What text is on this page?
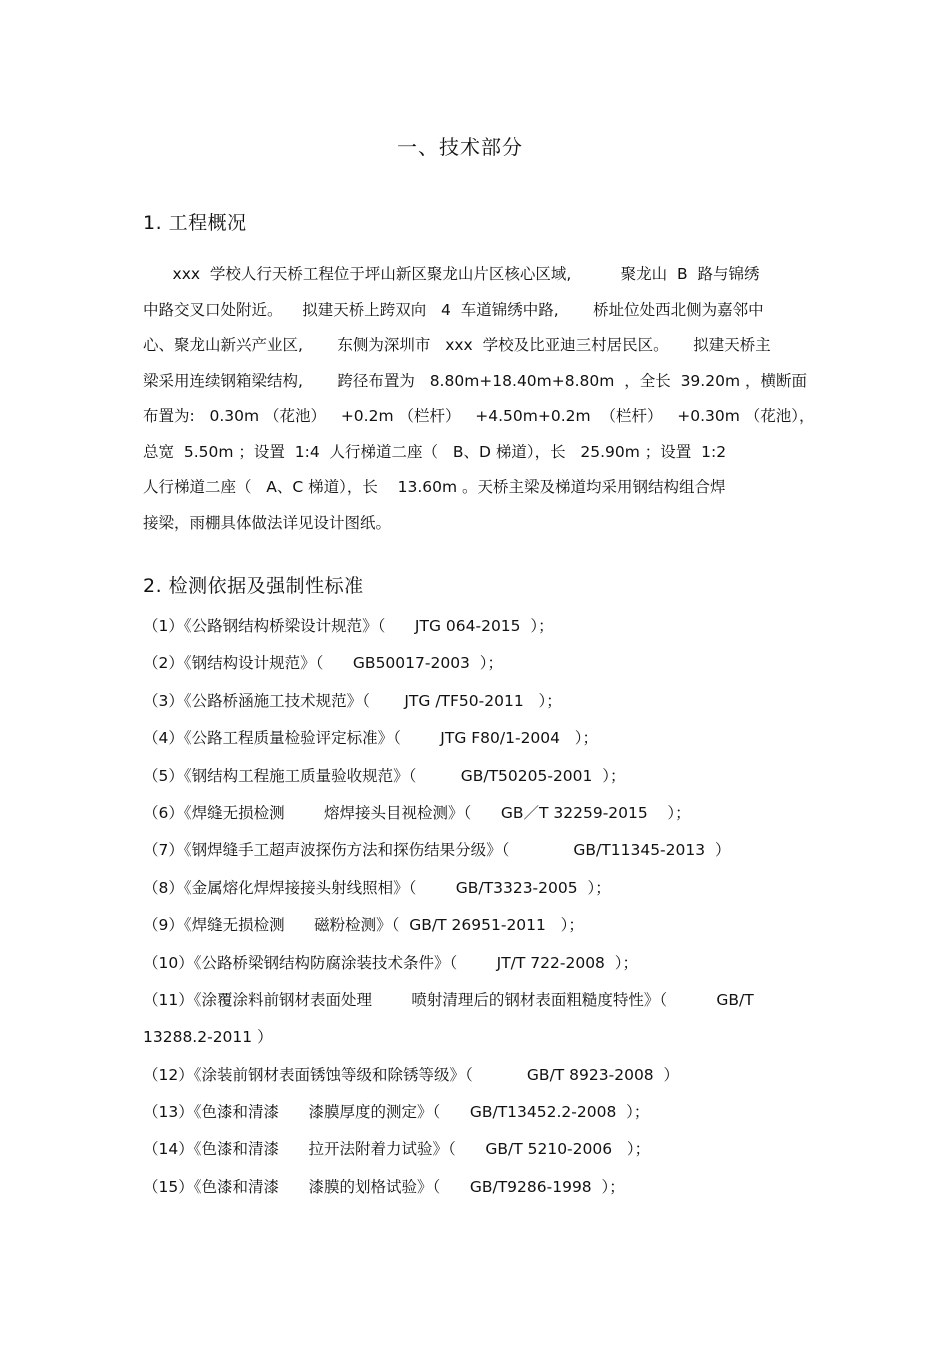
一、技术部分
1. 工程概况
xxx  学校人行天桥工程位于坪山新区聚龙山片区核心区域,          聚龙山  B  路与锦绣
中路交叉口处附近。    拟建天桥上跨双向   4  车道锦绣中路,       桥址位处西北侧为嘉邻中
心、聚龙山新兴产业区,       东侧为深圳市   xxx  学校及比亚迪三村居民区。     拟建天桥主
梁采用连续钢箱梁结构,       跨径布置为   8.80m+18.40m+8.80m  ，全长  39.20m ，横断面
布置为:   0.30m （花池）   +0.2m （栏杆）   +4.50m+0.2m  （栏杆）   +0.30m （花池），
总宽  5.50m ；设置  1:4  人行梯道二座（   B、D 梯道），长   25.90m ；设置  1:2
人行梯道二座（   A、C 梯道），长    13.60m 。天桥主梁及梯道均采用钢结构组合焊
接梁，雨棚具体做法详见设计图纸。
2. 检测依据及强制性标准
（1）《公路钢结构桥梁设计规范》（      JTG 064-2015  ）；
（2）《钢结构设计规范》（      GB50017-2003  ）；
（3）《公路桥涵施工技术规范》（       JTG /TF50-2011   ）；
（4）《公路工程质量检验评定标准》（        JTG F80/1-2004   ）；
（5）《钢结构工程施工质量验收规范》（         GB/T50205-2001  ）；
（6）《焊缝无损检测        熔焊接头目视检测》（      GB／T 32259-2015    ）；
（7）《钢焊缝手工超声波探伤方法和探伤结果分级》（             GB/T11345-2013  ）
（8）《金属熔化焊焊接接头射线照相》（        GB/T3323-2005  ）；
（9）《焊缝无损检测      磁粉检测》（  GB/T 26951-2011   ）；
（10）《公路桥梁钢结构防腐涂装技术条件》（        JT/T 722-2008  ）；
（11）《涂覆涂料前钢材表面处理        喷射清理后的钢材表面粗糙度特性》（          GB/T
13288.2-2011 ）
（12）《涂装前钢材表面锈蚀等级和除锈等级》（           GB/T 8923-2008  ）
（13）《色漆和清漆      漆膜厚度的测定》（      GB/T13452.2-2008  ）；
（14）《色漆和清漆      拉开法附着力试验》（      GB/T 5210-2006   ）；
（15）《色漆和清漆      漆膜的划格试验》（      GB/T9286-1998  ）；
